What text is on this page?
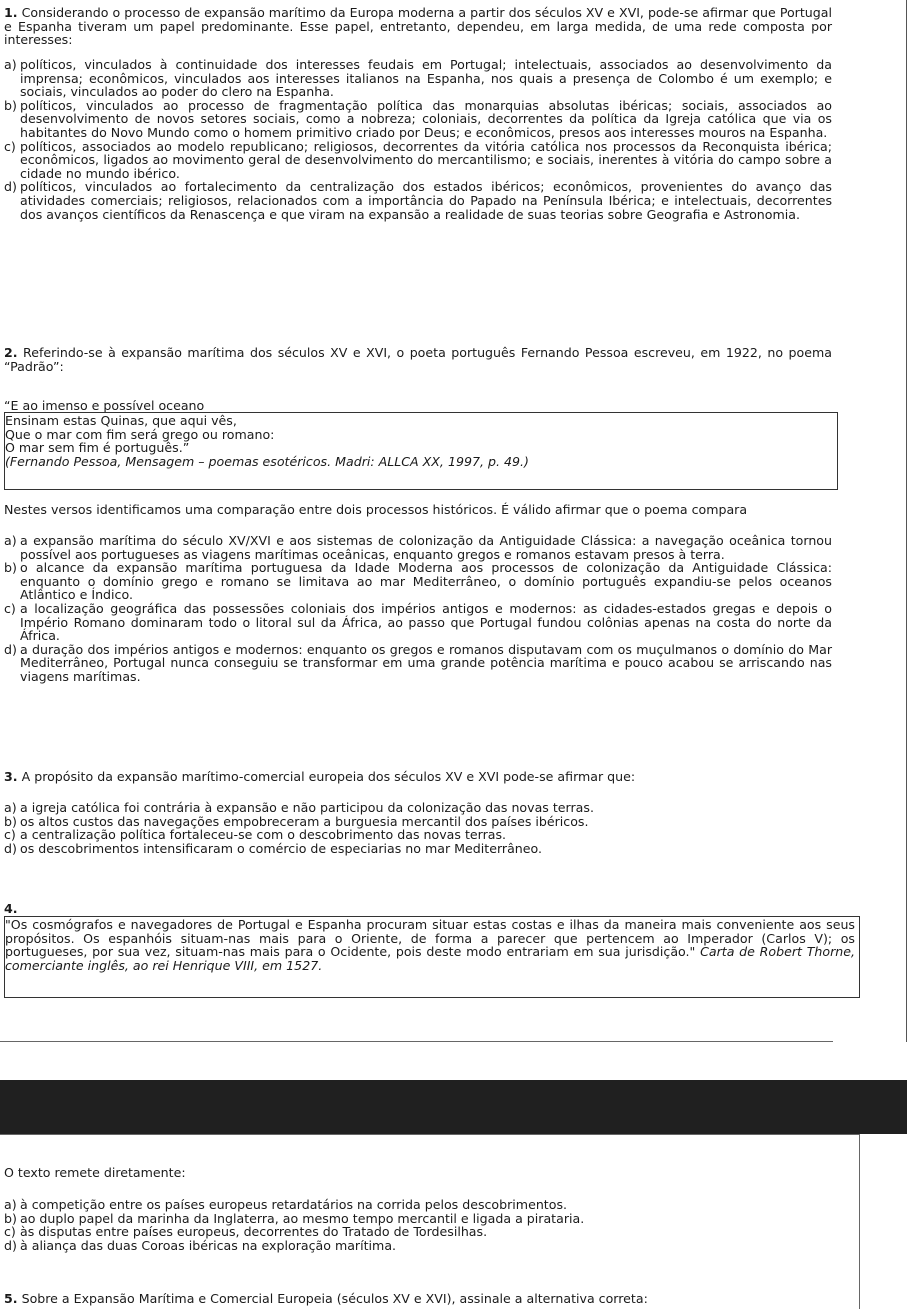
1. Considerando o processo de expansão marítimo da Europa moderna a partir dos séculos XV e XVI, pode-se afirmar que Portugal e Espanha tiveram um papel predominante. Esse papel, entretanto, dependeu, em larga medida, de uma rede composta por interesses:

a) políticos, vinculados à continuidade dos interesses feudais em Portugal; intelectuais, associados ao desenvolvimento da imprensa; econômicos, vinculados aos interesses italianos na Espanha, nos quais a presença de Colombo é um exemplo; e sociais, vinculados ao poder do clero na Espanha.

b) políticos, vinculados ao processo de fragmentação política das monarquias absolutas ibéricas; sociais, associados ao desenvolvimento de novos setores sociais, como a nobreza; coloniais, decorrentes da política da Igreja católica que via os habitantes do Novo Mundo como o homem primitivo criado por Deus; e econômicos, presos aos interesses mouros na Espanha.

c) políticos, associados ao modelo republicano; religiosos, decorrentes da vitória católica nos processos da Reconquista ibérica; econômicos, ligados ao movimento geral de desenvolvimento do mercantilismo; e sociais, inerentes à vitória do campo sobre a cidade no mundo ibérico.

d) políticos, vinculados ao fortalecimento da centralização dos estados ibéricos; econômicos, provenientes do avanço das atividades comerciais; religiosos, relacionados com a importância do Papado na Península Ibérica; e intelectuais, decorrentes dos avanços científicos da Renascença e que viram na expansão a realidade de suas teorias sobre Geografia e Astronomia.

2. Referindo-se à expansão marítima dos séculos XV e XVI, o poeta português Fernando Pessoa escreveu, em 1922, no poema “Padrão”:

“E ao imenso e possível oceano

Ensinam estas Quinas, que aqui vês,

Que o mar com fim será grego ou romano:

O mar sem fim é português.”

(Fernando Pessoa, Mensagem – poemas esotéricos. Madri: ALLCA XX, 1997, p. 49.)

Nestes versos identificamos uma comparação entre dois processos históricos. É válido afirmar que o poema compara

a) a expansão marítima do século XV/XVI e aos sistemas de colonização da Antiguidade Clássica: a navegação oceânica tornou possível aos portugueses as viagens marítimas oceânicas, enquanto gregos e romanos estavam presos à terra.

b) o alcance da expansão marítima portuguesa da Idade Moderna aos processos de colonização da Antiguidade Clássica: enquanto o domínio grego e romano se limitava ao mar Mediterrâneo, o domínio português expandiu-se pelos oceanos Atlântico e Índico.

c) a localização geográfica das possessões coloniais dos impérios antigos e modernos: as cidades-estados gregas e depois o Império Romano dominaram todo o litoral sul da África, ao passo que Portugal fundou colônias apenas na costa do norte da África.

d) a duração dos impérios antigos e modernos: enquanto os gregos e romanos disputavam com os muçulmanos o domínio do Mar Mediterrâneo, Portugal nunca conseguiu se transformar em uma grande potência marítima e pouco acabou se arriscando nas viagens marítimas.

3. A propósito da expansão marítimo-comercial europeia dos séculos XV e XVI pode-se afirmar que:

a) a igreja católica foi contrária à expansão e não participou da colonização das novas terras.

b) os altos custos das navegações empobreceram a burguesia mercantil dos países ibéricos.

c) a centralização política fortaleceu-se com o descobrimento das novas terras.

d) os descobrimentos intensificaram o comércio de especiarias no mar Mediterrâneo.

4.

"Os cosmógrafos e navegadores de Portugal e Espanha procuram situar estas costas e ilhas da maneira mais conveniente aos seus propósitos. Os espanhóis situam-nas mais para o Oriente, de forma a parecer que pertencem ao Imperador (Carlos V); os portugueses, por sua vez, situam-nas mais para o Ocidente, pois deste modo entrariam em sua jurisdição." Carta de Robert Thorne, comerciante inglês, ao rei Henrique VIII, em 1527.

O texto remete diretamente:

a) à competição entre os países europeus retardatários na corrida pelos descobrimentos.

b) ao duplo papel da marinha da Inglaterra, ao mesmo tempo mercantil e ligada a pirataria.

c) às disputas entre países europeus, decorrentes do Tratado de Tordesilhas.

d) à aliança das duas Coroas ibéricas na exploração marítima.

5. Sobre a Expansão Marítima e Comercial Europeia (séculos XV e XVI), assinale a alternativa correta:
